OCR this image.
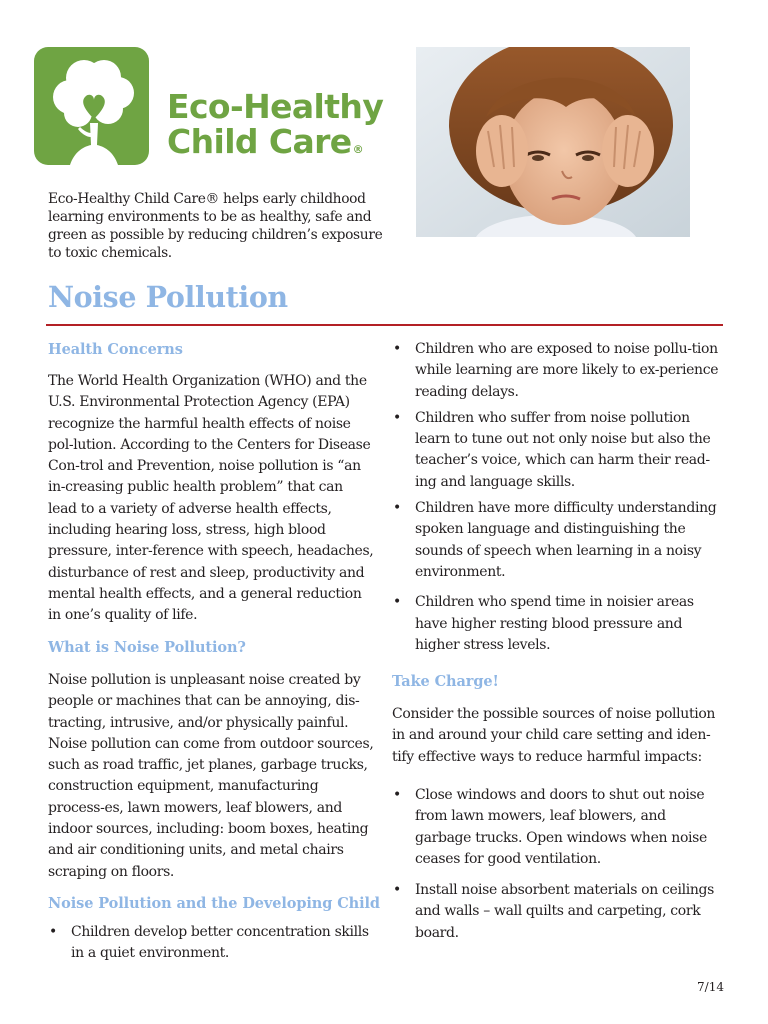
Eco-Healthy
Child Care®
Eco-Healthy Child Care® helps early childhood learning environments to be as healthy, safe and green as possible by reducing children’s exposure to toxic chemicals.
Noise Pollution
Health Concerns
The World Health Organization (WHO) and the U.S. Environmental Protection Agency (EPA) recognize the harmful health effects of noise pol-lution. According to the Centers for Disease Con-trol and Prevention, noise pollution is “an in-creasing public health problem” that can lead to a variety of adverse health effects, including hearing loss, stress, high blood pressure, inter-ference with speech, headaches, disturbance of rest and sleep, productivity and mental health effects, and a general reduction in one’s quality of life.
What is Noise Pollution?
Noise pollution is unpleasant noise created by people or machines that can be annoying, dis-tracting, intrusive, and/or physically painful. Noise pollution can come from outdoor sources, such as road traffic, jet planes, garbage trucks, construction equipment, manufacturing process-es, lawn mowers, leaf blowers, and indoor sources, including: boom boxes, heating and air conditioning units, and metal chairs scraping on floors.
Noise Pollution and the Developing Child
• Children develop better concentration skills in a quiet environment.
• Children who are exposed to noise pollu-tion while learning are more likely to ex-perience reading delays.
• Children who suffer from noise pollution learn to tune out not only noise but also the teacher’s voice, which can harm their read-ing and language skills.
• Children have more difficulty understanding spoken language and distinguishing the sounds of speech when learning in a noisy environment.
• Children who spend time in noisier areas have higher resting blood pressure and higher stress levels.
Take Charge!
Consider the possible sources of noise pollution in and around your child care setting and iden-tify effective ways to reduce harmful impacts:
• Close windows and doors to shut out noise from lawn mowers, leaf blowers, and garbage trucks. Open windows when noise ceases for good ventilation.
• Install noise absorbent materials on ceilings and walls – wall quilts and carpeting, cork board.
7/14
